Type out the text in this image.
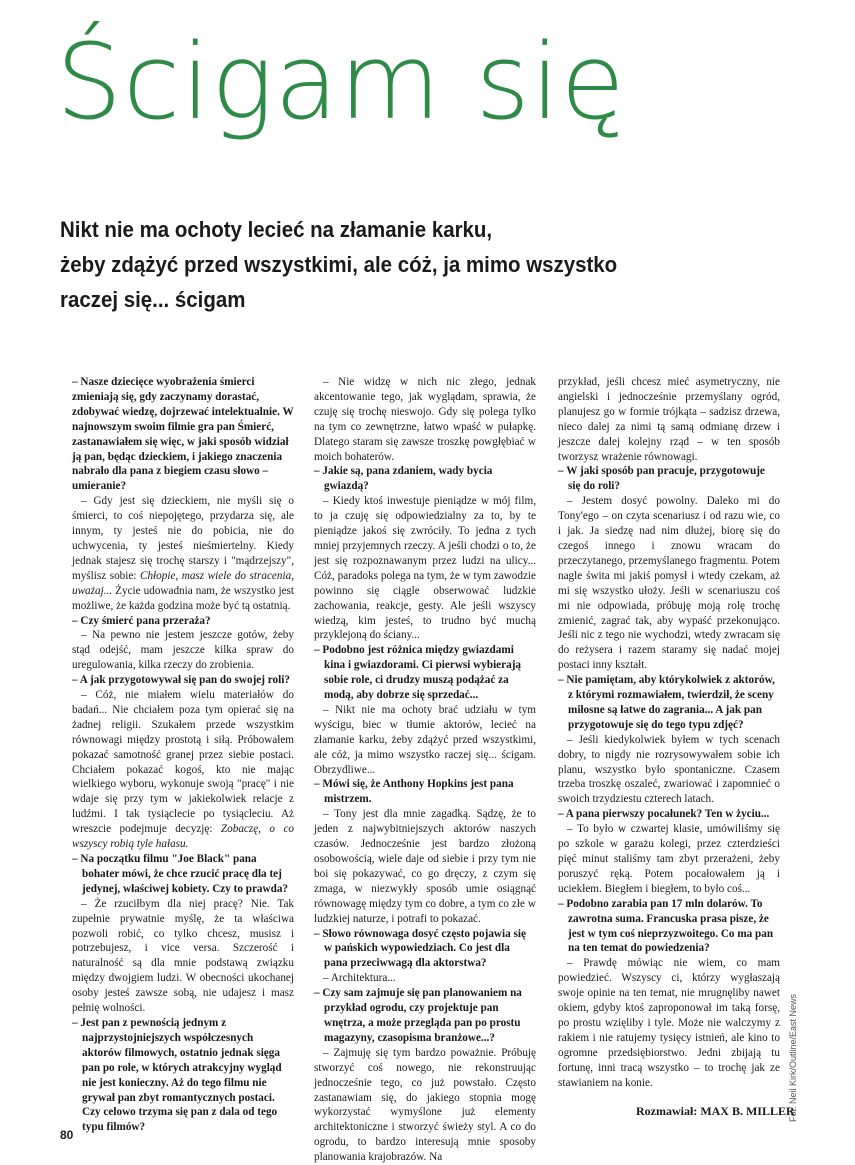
Ścigam się
Nikt nie ma ochoty lecieć na złamanie karku,
żeby zdążyć przed wszystkimi, ale cóż, ja mimo wszystko
raczej się... ścigam

– Nasze dziecięce wyobrażenia śmierci zmieniają się, gdy zaczynamy dorastać, zdobywać wiedzę, dojrzewać intelektualnie. W najnowszym swoim filmie gra pan Śmierć, zastanawiałem się więc, w jaki sposób widział ją pan, będąc dzieckiem, i jakiego znaczenia nabrało dla pana z biegiem czasu słowo – umieranie?

– Gdy jest się dzieckiem, nie myśli się o śmierci, to coś niepojętego, przydarza się, ale innym, ty jesteś nie do pobicia, nie do uchwycenia, ty jesteś nieśmiertelny. Kiedy jednak stajesz się trochę starszy i "mądrzejszy", myślisz sobie: Chłopie, masz wiele do stracenia, uważaj... Życie udowadnia nam, że wszystko jest możliwe, że każda godzina może być tą ostatnią.

– Czy śmierć pana przeraża?

– Na pewno nie jestem jeszcze gotów, żeby stąd odejść, mam jeszcze kilka spraw do uregulowania, kilka rzeczy do zrobienia.

– A jak przygotowywał się pan do swojej roli?

– Cóż, nie miałem wielu materiałów do badań... Nie chciałem poza tym opierać się na żadnej religii. Szukałem przede wszystkim równowagi między prostotą i siłą. Próbowałem pokazać samotność granej przez siebie postaci. Chciałem pokazać kogoś, kto nie mając wielkiego wyboru, wykonuje swoją "pracę" i nie wdaje się przy tym w jakiekolwiek relacje z ludźmi. I tak tysiąclecie po tysiącleciu. Aż wreszcie podejmuje decyzję: Zobaczę, o co wszyscy robią tyle hałasu.

– Na początku filmu "Joe Black" pana bohater mówi, że chce rzucić pracę dla tej jedynej, właściwej kobiety. Czy to prawda?

– Że rzuciłbym dla niej pracę? Nie. Tak zupełnie prywatnie myślę, że ta właściwa pozwoli robić, co tylko chcesz, musisz i potrzebujesz, i vice versa. Szczerość i naturalność są dla mnie podstawą związku między dwojgiem ludzi. W obecności ukochanej osoby jesteś zawsze sobą, nie udajesz i masz pełnię wolności.

– Jest pan z pewnością jednym z najprzystojniejszych współczesnych aktorów filmowych, ostatnio jednak sięga pan po role, w których atrakcyjny wygląd nie jest konieczny. Aż do tego filmu nie grywał pan zbyt romantycznych postaci. Czy celowo trzyma się pan z dala od tego typu filmów?

– Nie widzę w nich nic złego, jednak akcentowanie tego, jak wyglądam, sprawia, że czuję się trochę nieswojo. Gdy się polega tylko na tym co zewnętrzne, łatwo wpaść w pułapkę. Dlatego staram się zawsze troszkę powgłębiać w moich bohaterów.

– Jakie są, pana zdaniem, wady bycia gwiazdą?

– Kiedy ktoś inwestuje pieniądze w mój film, to ja czuję się odpowiedzialny za to, by te pieniądze jakoś się zwróciły. To jedna z tych mniej przyjemnych rzeczy. A jeśli chodzi o to, że jest się rozpoznawanym przez ludzi na ulicy... Cóż, paradoks polega na tym, że w tym zawodzie powinno się ciągle obserwować ludzkie zachowania, reakcje, gesty. Ale jeśli wszyscy wiedzą, kim jesteś, to trudno być muchą przyklejoną do ściany...

– Podobno jest różnica między gwiazdami kina i gwiazdorami. Ci pierwsi wybierają sobie role, ci drudzy muszą podążać za modą, aby dobrze się sprzedać...

– Nikt nie ma ochoty brać udziału w tym wyścigu, biec w tłumie aktorów, lecieć na złamanie karku, żeby zdążyć przed wszystkimi, ale cóż, ja mimo wszystko raczej się... ścigam. Obrzydliwe...

– Mówi się, że Anthony Hopkins jest pana mistrzem.

– Tony jest dla mnie zagadką. Sądzę, że to jeden z najwybitniejszych aktorów naszych czasów. Jednocześnie jest bardzo złożoną osobowością, wiele daje od siebie i przy tym nie boi się pokazywać, co go dręczy, z czym się zmaga, w niezwykły sposób umie osiągnąć równowagę między tym co dobre, a tym co złe w ludzkiej naturze, i potrafi to pokazać.

– Słowo równowaga dosyć często pojawia się w pańskich wypowiedziach. Co jest dla pana przeciwwagą dla aktorstwa?

– Architektura...

– Czy sam zajmuje się pan planowaniem na przykład ogrodu, czy projektuje pan wnętrza, a może przegląda pan po prostu magazyny, czasopisma branżowe...?

– Zajmuję się tym bardzo poważnie. Próbuję stworzyć coś nowego, nie rekonstruując jednocześnie tego, co już powstało. Często zastanawiam się, do jakiego stopnia mogę wykorzystać wymyślone już elementy architektoniczne i stworzyć świeży styl. A co do ogrodu, to bardzo interesują mnie sposoby planowania krajobrazów. Na

przykład, jeśli chcesz mieć asymetryczny, nie angielski i jednocześnie przemyślany ogród, planujesz go w formie trójkąta – sadzisz drzewa, nieco dalej za nimi tą samą odmianę drzew i jeszcze dalej kolejny rząd – w ten sposób tworzysz wrażenie równowagi.

– W jaki sposób pan pracuje, przygotowuje się do roli?

– Jestem dosyć powolny. Daleko mi do Tony'ego – on czyta scenariusz i od razu wie, co i jak. Ja siedzę nad nim dłużej, biorę się do czegoś innego i znowu wracam do przeczytanego, przemyślanego fragmentu. Potem nagle świta mi jakiś pomysł i wtedy czekam, aż mi się wszystko ułoży. Jeśli w scenariuszu coś mi nie odpowiada, próbuję moją rolę trochę zmienić, zagrać tak, aby wypaść przekonująco. Jeśli nic z tego nie wychodzi, wtedy zwracam się do reżysera i razem staramy się nadać mojej postaci inny kształt.

– Nie pamiętam, aby którykolwiek z aktorów, z którymi rozmawiałem, twierdził, że sceny miłosne są łatwe do zagrania... A jak pan przygotowuje się do tego typu zdjęć?

– Jeśli kiedykolwiek byłem w tych scenach dobry, to nigdy nie rozrysowywałem sobie ich planu, wszystko było spontaniczne. Czasem trzeba troszkę oszaleć, zwariować i zapomnieć o swoich trzydziestu czterech latach.

– A pana pierwszy pocałunek? Ten w życiu...

– To było w czwartej klasie, umówiliśmy się po szkole w garażu kolegi, przez czterdzieści pięć minut staliśmy tam zbyt przerażeni, żeby poruszyć ręką. Potem pocałowałem ją i uciekłem. Biegłem i biegłem, to było coś...

– Podobno zarabia pan 17 mln dolarów. To zawrotna suma. Francuska prasa pisze, że jest w tym coś nieprzyzwoitego. Co ma pan na ten temat do powiedzenia?

– Prawdę mówiąc nie wiem, co mam powiedzieć. Wszyscy ci, którzy wygłaszają swoje opinie na ten temat, nie mrugnęliby nawet okiem, gdyby ktoś zaproponował im taką forsę, po prostu wzięliby i tyle. Może nie walczymy z rakiem i nie ratujemy tysięcy istnień, ale kino to ogromne przedsiębiorstwo. Jedni zbijają tu fortunę, inni tracą wszystko – to trochę jak ze stawianiem na konie.

Rozmawiał: MAX B. MILLER
80
Fot. Neil Kirk/Outline/East News
